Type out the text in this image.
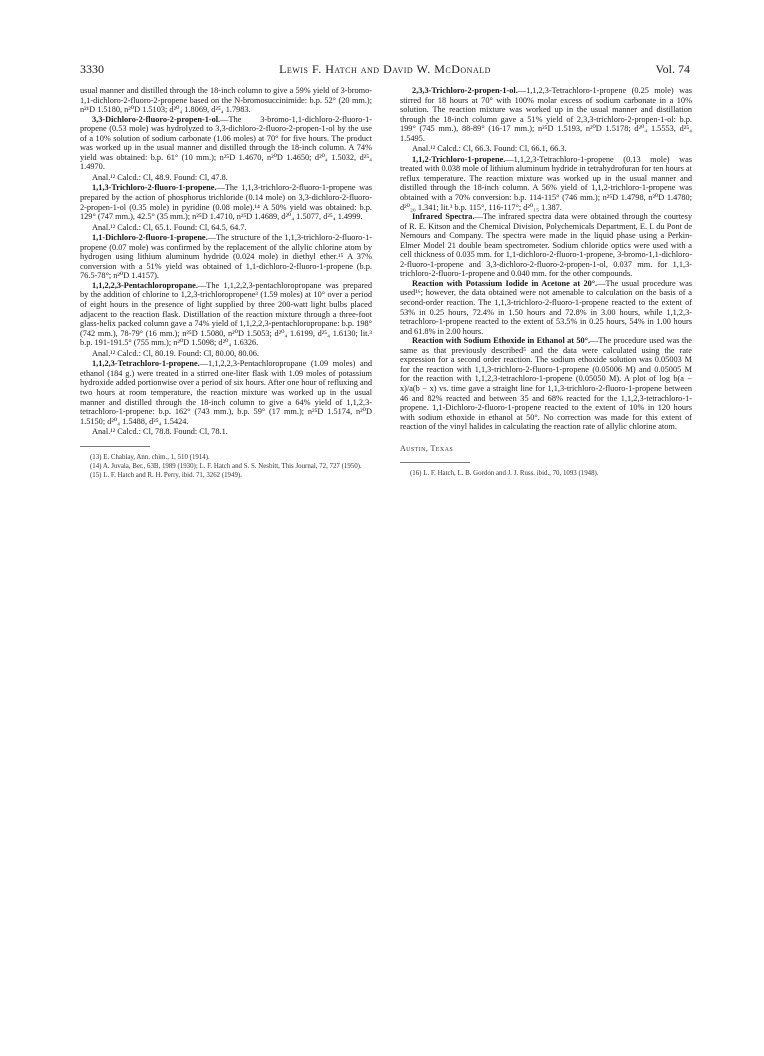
3330	Lewis F. Hatch and David W. McDonald	Vol. 74

usual manner and distilled through the 18-inch column to give a 59% yield of 3-bromo-1,1-dichloro-2-fluoro-2-propene based on the N-bromosuccinimide: b.p. 52° (20 mm.); n²¹D 1.5180, n²⁰D 1.5103; d²⁰₄ 1.8069, d²⁵₄ 1.7983.

3,3-Dichloro-2-fluoro-2-propen-1-ol.—The 3-bromo-1,1-dichloro-2-fluoro-1-propene (0.53 mole) was hydrolyzed to 3,3-dichloro-2-fluoro-2-propen-1-ol by the use of a 10% solution of sodium carbonate (1.06 moles) at 70° for five hours. The product was worked up in the usual manner and distilled through the 18-inch column. A 74% yield was obtained: b.p. 61° (10 mm.); n²⁵D 1.4670, n²⁰D 1.4650; d²⁰₄ 1.5032, d²⁵₄ 1.4970.

Anal.¹² Calcd.: Cl, 48.9. Found: Cl, 47.8.

1,1,3-Trichloro-2-fluoro-1-propene.—The 1,1,3-trichloro-2-fluoro-1-propene was prepared by the action of phosphorus trichloride (0.14 mole) on 3,3-dichloro-2-fluoro-2-propen-1-ol (0.35 mole) in pyridine (0.08 mole).¹⁴ A 50% yield was obtained: b.p. 129° (747 mm.), 42.5° (35 mm.); n²⁵D 1.4710, n²⁵D 1.4689, d²⁰₄ 1.5077, d²⁵₄ 1.4999.

Anal.¹² Calcd.: Cl, 65.1. Found: Cl, 64.5, 64.7.

1,1-Dichloro-2-fluoro-1-propene.—The structure of the 1,1,3-trichloro-2-fluoro-1-propene (0.07 mole) was confirmed by the replacement of the allylic chlorine atom by hydrogen using lithium aluminum hydride (0.024 mole) in diethyl ether.¹⁵ A 37% conversion with a 51% yield was obtained of 1,1-dichloro-2-fluoro-1-propene (b.p. 76.5-78°; n²⁰D 1.4157).

1,1,2,2,3-Pentachloropropane.—The 1,1,2,2,3-pentachloropropane was prepared by the addition of chlorine to 1,2,3-trichloropropene³ (1.59 moles) at 10° over a period of eight hours in the presence of light supplied by three 200-watt light bulbs placed adjacent to the reaction flask. Distillation of the reaction mixture through a three-foot glass-helix packed column gave a 74% yield of 1,1,2,2,3-pentachloropropane: b.p. 198° (742 mm.), 78-79° (16 mm.); n²⁵D 1.5080, n²⁰D 1.5053; d²⁰₄ 1.6199, d²⁵₄ 1.6130; lit.³ b.p. 191-191.5° (755 mm.); n²⁰D 1.5098; d²⁰₄ 1.6326.

Anal.¹² Calcd.: Cl, 80.19. Found: Cl, 80.00, 80.06.

1,1,2,3-Tetrachloro-1-propene.—1,1,2,2,3-Pentachloropropane (1.09 moles) and ethanol (184 g.) were treated in a stirred one-liter flask with 1.09 moles of potassium hydroxide added portionwise over a period of six hours. After one hour of refluxing and two hours at room temperature, the reaction mixture was worked up in the usual manner and distilled through the 18-inch column to give a 64% yield of 1,1,2,3-tetrachloro-1-propene: b.p. 162° (743 mm.), b.p. 59° (17 mm.); n²⁵D 1.5174, n²⁰D 1.5150; d²⁰₄ 1.5488, d²⁵₄ 1.5424.

Anal.¹² Calcd.: Cl, 78.8. Found: Cl, 78.1.

(13) E. Chablay, Ann. chim., 1, 510 (1914).

(14) A. Juvala, Ber., 63B, 1989 (1930); L. F. Hatch and S. S. Nesbitt, This Journal, 72, 727 (1950).

(15) L. F. Hatch and R. H. Perry, ibid. 71, 3262 (1949).

2,3,3-Trichloro-2-propen-1-ol.—1,1,2,3-Tetrachloro-1-propene (0.25 mole) was stirred for 18 hours at 70° with 100% molar excess of sodium carbonate in a 10% solution. The reaction mixture was worked up in the usual manner and distillation through the 18-inch column gave a 51% yield of 2,3,3-trichloro-2-propen-1-ol: b.p. 199° (745 mm.), 88-89° (16-17 mm.); n²⁵D 1.5193, n²⁰D 1.5178; d²⁰₄ 1.5553, d²⁵₄ 1.5495.

Anal.¹² Calcd.: Cl, 66.3. Found: Cl, 66.1, 66.3.

1,1,2-Trichloro-1-propene.—1,1,2,3-Tetrachloro-1-propene (0.13 mole) was treated with 0.038 mole of lithium aluminum hydride in tetrahydrofuran for ten hours at reflux temperature. The reaction mixture was worked up in the usual manner and distilled through the 18-inch column. A 56% yield of 1,1,2-trichloro-1-propene was obtained with a 70% conversion: b.p. 114-115° (746 mm.); n²⁵D 1.4798, n²⁰D 1.4780; d²⁰₂₀ 1.341; lit.³ b.p. 115°, 116-117°; d²⁰₁₅ 1.387.

Infrared Spectra.—The infrared spectra data were obtained through the courtesy of R. E. Kitson and the Chemical Division, Polychemicals Department, E. I. du Pont de Nemours and Company. The spectra were made in the liquid phase using a Perkin-Elmer Model 21 double beam spectrometer. Sodium chloride optics were used with a cell thickness of 0.035 mm. for 1,1-dichloro-2-fluoro-1-propene, 3-bromo-1,1-dichloro-2-fluoro-1-propene and 3,3-dichloro-2-fluoro-2-propen-1-ol, 0.037 mm. for 1,1,3-trichloro-2-fluoro-1-propene and 0.040 mm. for the other compounds.

Reaction with Potassium Iodide in Acetone at 20°.—The usual procedure was used¹⁶; however, the data obtained were not amenable to calculation on the basis of a second-order reaction. The 1,1,3-trichloro-2-fluoro-1-propene reacted to the extent of 53% in 0.25 hours, 72.4% in 1.50 hours and 72.8% in 3.00 hours, while 1,1,2,3-tetrachloro-1-propene reacted to the extent of 53.5% in 0.25 hours, 54% in 1.00 hours and 61.8% in 2.00 hours.

Reaction with Sodium Ethoxide in Ethanol at 50°.—The procedure used was the same as that previously described⁵ and the data were calculated using the rate expression for a second order reaction. The sodium ethoxide solution was 0.05003 M for the reaction with 1,1,3-trichloro-2-fluoro-1-propene (0.05006 M) and 0.05005 M for the reaction with 1,1,2,3-tetrachloro-1-propene (0.05050 M). A plot of log b(a − x)/a(b − x) vs. time gave a straight line for 1,1,3-trichloro-2-fluoro-1-propene between 46 and 82% reacted and between 35 and 68% reacted for the 1,1,2,3-tetrachloro-1-propene. 1,1-Dichloro-2-fluoro-1-propene reacted to the extent of 10% in 120 hours with sodium ethoxide in ethanol at 50°. No correction was made for this extent of reaction of the vinyl halides in calculating the reaction rate of allylic chlorine atom.

Austin, Texas

(16) L. F. Hatch, L. B. Gordon and J. J. Russ. ibid., 70, 1093 (1948).
